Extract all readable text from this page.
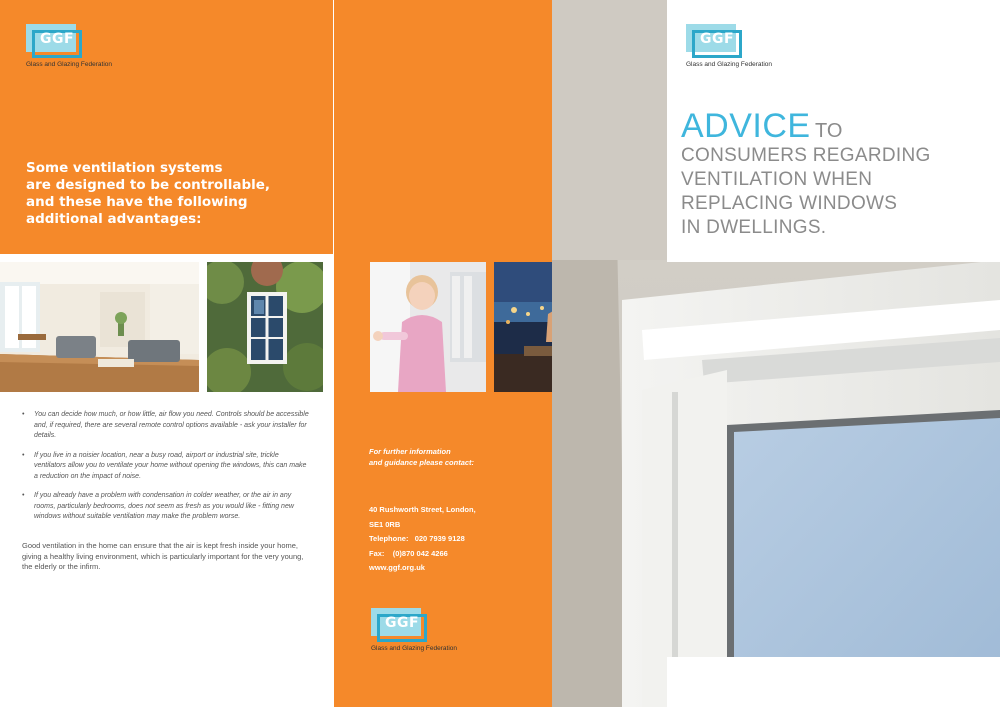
GGF
Glass and Glazing Federation
Some ventilation systems
are designed to be controllable,
and these have the following
additional advantages:
• You can decide how much, or how little, air flow you need. Controls should be accessible and, if required, there are several remote control options available - ask your installer for details.
• If you live in a noisier location, near a busy road, airport or industrial site, trickle ventilators allow you to ventilate your home without opening the windows, this can make a reduction on the impact of noise.
• If you already have a problem with condensation in colder weather, or the air in any rooms, particularly bedrooms, does not seem as fresh as you would like - fitting new windows without suitable ventilation may make the problem worse.

Good ventilation in the home can ensure that the air is kept fresh inside your home, giving a healthy living environment, which is particularly important for the very young, the elderly or the infirm.

For further information
and guidance please contact:
40 Rushworth Street, London,
SE1 0RB
Telephone:   020 7939 9128
Fax:    (0)870 042 4266
www.ggf.org.uk
GGF
Glass and Glazing Federation
GGF
Glass and Glazing Federation
ADVICE TO
CONSUMERS REGARDING
VENTILATION WHEN
REPLACING WINDOWS
IN DWELLINGS.
